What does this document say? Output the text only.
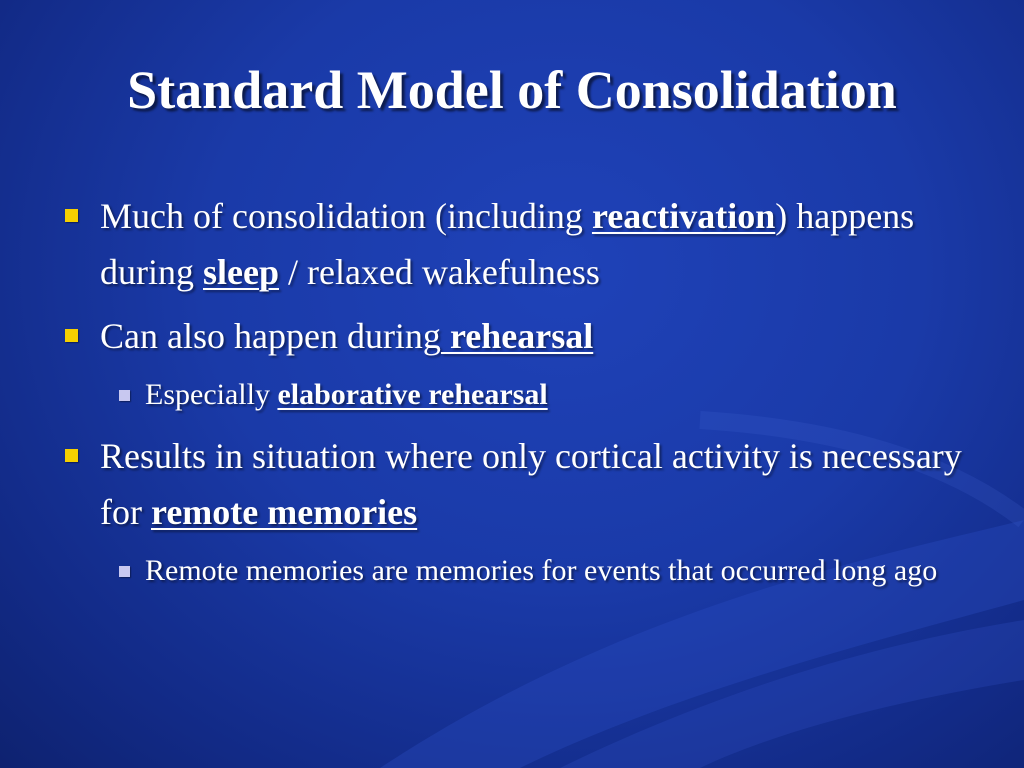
Standard Model of Consolidation
Much of consolidation (including reactivation) happens during sleep / relaxed wakefulness
Can also happen during rehearsal
Especially elaborative rehearsal
Results in situation where only cortical activity is necessary for remote memories
Remote memories are memories for events that occurred long ago
